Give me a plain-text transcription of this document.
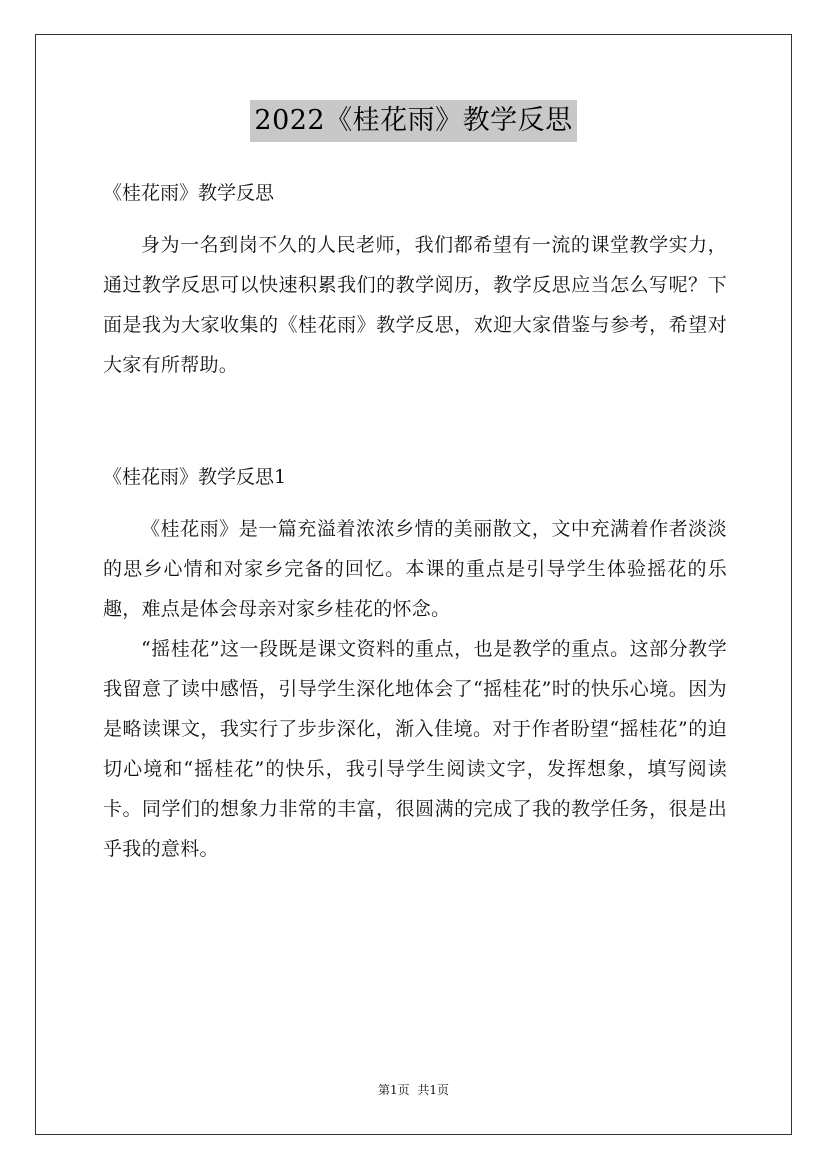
2022《桂花雨》教学反思

《桂花雨》教学反思

身为一名到岗不久的人民老师，我们都希望有一流的课堂教学实力，通过教学反思可以快速积累我们的教学阅历，教学反思应当怎么写呢？下面是我为大家收集的《桂花雨》教学反思，欢迎大家借鉴与参考，希望对大家有所帮助。

《桂花雨》教学反思1

《桂花雨》是一篇充溢着浓浓乡情的美丽散文，文中充满着作者淡淡的思乡心情和对家乡完备的回忆。本课的重点是引导学生体验摇花的乐趣，难点是体会母亲对家乡桂花的怀念。

“摇桂花”这一段既是课文资料的重点，也是教学的重点。这部分教学我留意了读中感悟，引导学生深化地体会了“摇桂花”时的快乐心境。因为是略读课文，我实行了步步深化，渐入佳境。对于作者盼望“摇桂花”的迫切心境和“摇桂花”的快乐，我引导学生阅读文字，发挥想象，填写阅读卡。同学们的想象力非常的丰富，很圆满的完成了我的教学任务，很是出乎我的意料。

第1页 共1页
